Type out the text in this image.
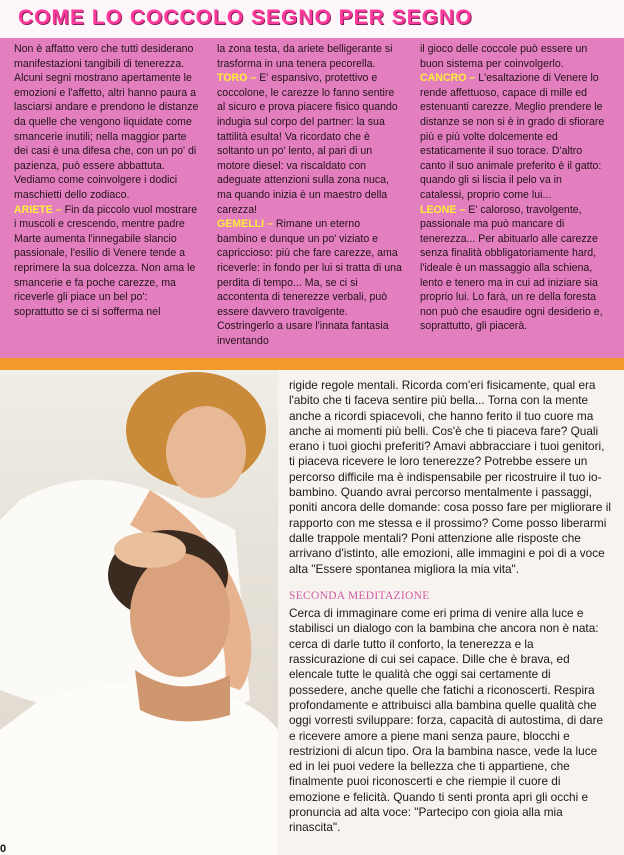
COME LO COCCOLO SEGNO PER SEGNO

Non è affatto vero che tutti desiderano manifestazioni tangibili di tenerezza. Alcuni segni mostrano apertamente le emozioni e l'affetto, altri hanno paura a lasciarsi andare e prendono le distanze da quelle che vengono liquidate come smancerie inutili; nella maggior parte dei casi è una difesa che, con un po' di pazienza, può essere abbattuta. Vediamo come coinvolgere i dodici maschietti dello zodiaco.

ARIETE – Fin da piccolo vuol mostrare i muscoli e crescendo, mentre padre Marte aumenta l'innegabile slancio passionale, l'esilio di Venere tende a reprimere la sua dolcezza. Non ama le smancerie e fa poche carezze, ma riceverle gli piace un bel po': soprattutto se ci si sofferma nel

la zona testa, da ariete belligerante si trasforma in una tenera pecorella.

TORO – E' espansivo, protettivo e coccolone, le carezze lo fanno sentire al sicuro e prova piacere fisico quando indugia sul corpo del partner: la sua tattilità esulta! Va ricordato che è soltanto un po' lento, al pari di un motore diesel: va riscaldato con adeguate attenzioni sulla zona nuca, ma quando inizia è un maestro della carezza!

GEMELLI – Rimane un eterno bambino e dunque un po' viziato e capriccioso: più che fare carezze, ama riceverle: in fondo per lui si tratta di una perdita di tempo... Ma, se ci si accontenta di tenerezze verbali, può essere davvero travolgente. Costringerlo a usare l'innata fantasia inventando

il gioco delle coccole può essere un buon sistema per coinvolgerlo.

CANCRO – L'esaltazione di Venere lo rende affettuoso, capace di mille ed estenuanti carezze. Meglio prendere le distanze se non si è in grado di sfiorare più e più volte dolcemente ed estaticamente il suo torace. D'altro canto il suo animale preferito è il gatto: quando gli si liscia il pelo va in catalessi, proprio come lui...

LEONE – E' caloroso, travolgente, passionale ma può mancare di tenerezza... Per abituarlo alle carezze senza finalità obbligatoriamente hard, l'ideale è un massaggio alla schiena, lento e tenero ma in cui ad iniziare sia proprio lui. Lo farà, un re della foresta non può che esaudire ogni desiderio e, soprattutto, gli piacerà.

0

rigide regole mentali. Ricorda com'eri fisicamente, qual era l'abito che ti faceva sentire più bella... Torna con la mente anche a ricordi spiacevoli, che hanno ferito il tuo cuore ma anche ai momenti più belli. Cos'è che ti piaceva fare? Quali erano i tuoi giochi preferiti? Amavi abbracciare i tuoi genitori, ti piaceva ricevere le loro tenerezze? Potrebbe essere un percorso difficile ma è indispensabile per ricostruire il tuo io-bambino. Quando avrai percorso mentalmente i passaggi, poniti ancora delle domande: cosa posso fare per migliorare il rapporto con me stessa e il prossimo? Come posso liberarmi dalle trappole mentali? Poni attenzione alle risposte che arrivano d'istinto, alle emozioni, alle immagini e poi di a voce alta "Essere spontanea migliora la mia vita".

SECONDA MEDITAZIONE

Cerca di immaginare come eri prima di venire alla luce e stabilisci un dialogo con la bambina che ancora non è nata: cerca di darle tutto il conforto, la tenerezza e la rassicurazione di cui sei capace. Dille che è brava, ed elencale tutte le qualità che oggi sai certamente di possedere, anche quelle che fatichi a riconoscerti. Respira profondamente e attribuisci alla bambina quelle qualità che oggi vorresti sviluppare: forza, capacità di autostima, di dare e ricevere amore a piene mani senza paure, blocchi e restrizioni di alcun tipo. Ora la bambina nasce, vede la luce ed in lei puoi vedere la bellezza che ti appartiene, che finalmente puoi riconoscerti e che riempie il cuore di emozione e felicità. Quando ti senti pronta apri gli occhi e pronuncia ad alta voce: "Partecipo con gioia alla mia rinascita".
